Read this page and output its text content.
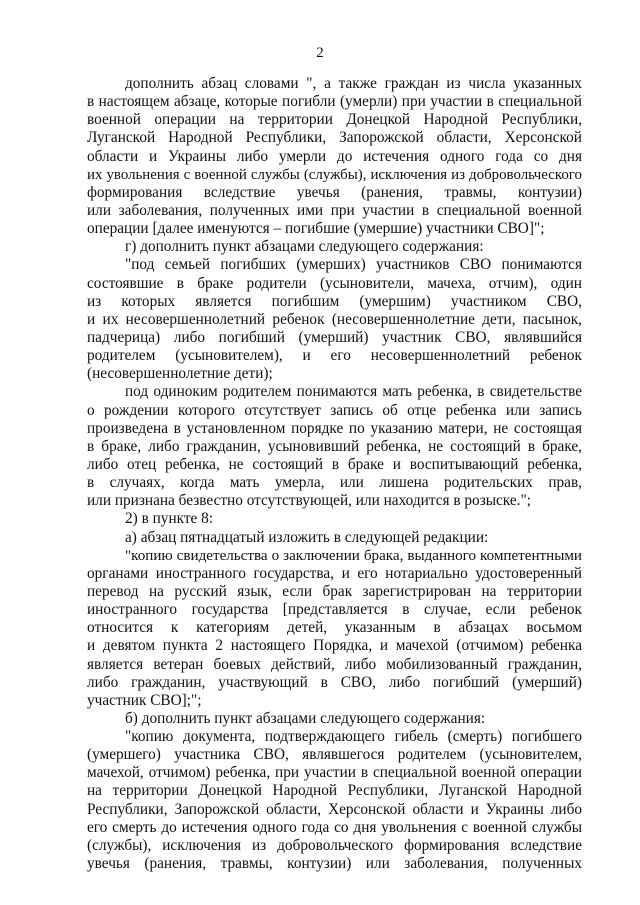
2
дополнить абзац словами ", а также граждан из числа указанных
в настоящем абзаце, которые погибли (умерли) при участии в специальной
военной операции на территории Донецкой Народной Республики,
Луганской Народной Республики, Запорожской области, Херсонской
области и Украины либо умерли до истечения одного года со дня
их увольнения с военной службы (службы), исключения из добровольческого
формирования вследствие увечья (ранения, травмы, контузии)
или заболевания, полученных ими при участии в специальной военной
операции [далее именуются – погибшие (умершие) участники СВО]";
г) дополнить пункт абзацами следующего содержания:
"под семьей погибших (умерших) участников СВО понимаются
состоявшие в браке родители (усыновители, мачеха, отчим), один
из которых является погибшим (умершим) участником СВО,
и их несовершеннолетний ребенок (несовершеннолетние дети, пасынок,
падчерица) либо погибший (умерший) участник СВО, являвшийся
родителем (усыновителем), и его несовершеннолетний ребенок
(несовершеннолетние дети);
под одиноким родителем понимаются мать ребенка, в свидетельстве
о рождении которого отсутствует запись об отце ребенка или запись
произведена в установленном порядке по указанию матери, не состоящая
в браке, либо гражданин, усыновивший ребенка, не состоящий в браке,
либо отец ребенка, не состоящий в браке и воспитывающий ребенка,
в случаях, когда мать умерла, или лишена родительских прав,
или признана безвестно отсутствующей, или находится в розыске.";
2) в пункте 8:
а) абзац пятнадцатый изложить в следующей редакции:
"копию свидетельства о заключении брака, выданного компетентными
органами иностранного государства, и его нотариально удостоверенный
перевод на русский язык, если брак зарегистрирован на территории
иностранного государства [представляется в случае, если ребенок
относится к категориям детей, указанным в абзацах восьмом
и девятом пункта 2 настоящего Порядка, и мачехой (отчимом) ребенка
является ветеран боевых действий, либо мобилизованный гражданин,
либо гражданин, участвующий в СВО, либо погибший (умерший)
участник СВО];";
б) дополнить пункт абзацами следующего содержания:
"копию документа, подтверждающего гибель (смерть) погибшего
(умершего) участника СВО, являвшегося родителем (усыновителем,
мачехой, отчимом) ребенка, при участии в специальной военной операции
на территории Донецкой Народной Республики, Луганской Народной
Республики, Запорожской области, Херсонской области и Украины либо
его смерть до истечения одного года со дня увольнения с военной службы
(службы), исключения из добровольческого формирования вследствие
увечья (ранения, травмы, контузии) или заболевания, полученных
